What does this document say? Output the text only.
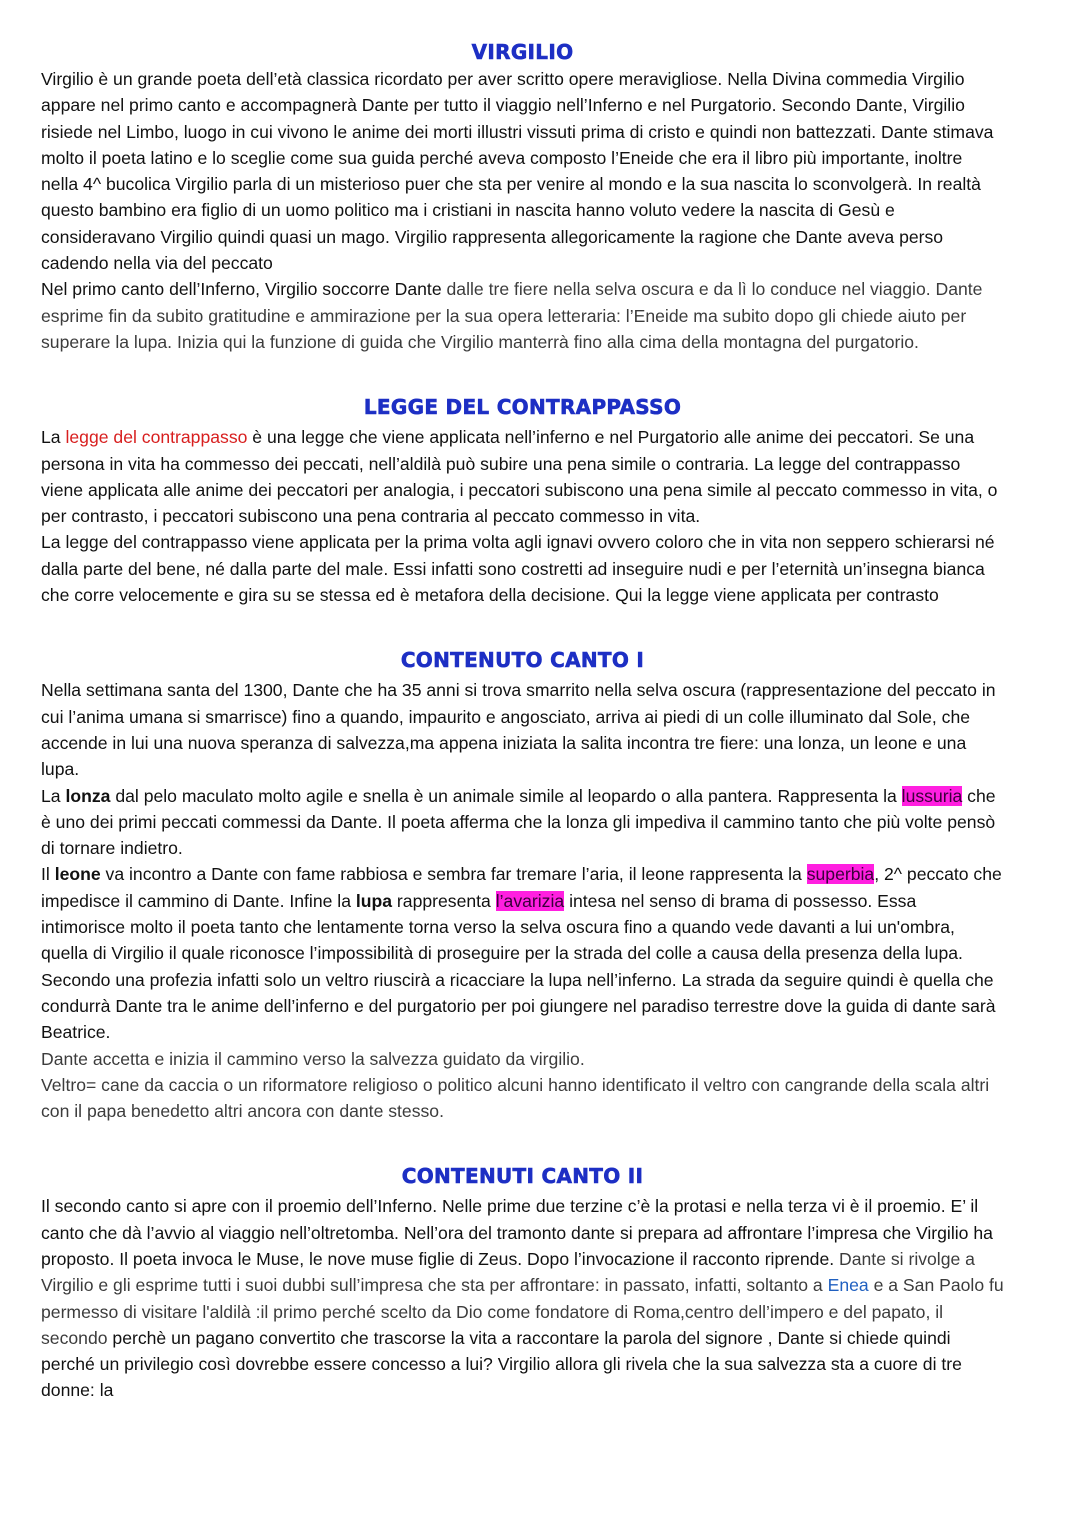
VIRGILIO

Virgilio è un grande poeta dell’età classica ricordato per aver scritto opere meravigliose. Nella Divina commedia Virgilio appare nel primo canto e accompagnerà Dante per tutto il viaggio nell’Inferno e nel Purgatorio. Secondo Dante, Virgilio risiede nel Limbo, luogo in cui vivono le anime dei morti illustri vissuti prima di cristo e quindi non battezzati. Dante stimava molto il poeta latino e lo sceglie come sua guida perché aveva composto l’Eneide che era il libro più importante, inoltre nella 4^ bucolica Virgilio parla di un misterioso puer che sta per venire al mondo e la sua nascita lo sconvolgerà. In realtà questo bambino era figlio di un uomo politico ma i cristiani in nascita hanno voluto vedere la nascita di Gesù e consideravano Virgilio quindi quasi un mago. Virgilio rappresenta allegoricamente la ragione che Dante aveva perso cadendo nella via del peccato

Nel primo canto dell’Inferno, Virgilio soccorre Dante dalle tre fiere nella selva oscura e da lì lo conduce nel viaggio. Dante esprime fin da subito gratitudine e ammirazione per la sua opera letteraria: l’Eneide ma subito dopo gli chiede aiuto per superare la lupa. Inizia qui la funzione di guida che Virgilio manterrà fino alla cima della montagna del purgatorio.

LEGGE DEL CONTRAPPASSO

La legge del contrappasso è una legge che viene applicata nell’inferno e nel Purgatorio alle anime dei peccatori. Se una persona in vita ha commesso dei peccati, nell’aldilà può subire una pena simile o contraria. La legge del contrappasso viene applicata alle anime dei peccatori per analogia, i peccatori subiscono una pena simile al peccato commesso in vita, o per contrasto, i peccatori subiscono una pena contraria al peccato commesso in vita.

La legge del contrappasso viene applicata per la prima volta agli ignavi ovvero coloro che in vita non seppero schierarsi né dalla parte del bene, né dalla parte del male. Essi infatti sono costretti ad inseguire nudi e per l’eternità un’insegna bianca che corre velocemente e gira su se stessa ed è metafora della decisione. Qui la legge viene applicata per contrasto

CONTENUTO CANTO I

Nella settimana santa del 1300, Dante che ha 35 anni si trova smarrito nella selva oscura (rappresentazione del peccato in cui l’anima umana si smarrisce) fino a quando, impaurito e angosciato, arriva ai piedi di un colle illuminato dal Sole, che accende in lui una nuova speranza di salvezza,ma appena iniziata la salita incontra tre fiere: una lonza, un leone e una lupa.

La lonza dal pelo maculato molto agile e snella è un animale simile al leopardo o alla pantera. Rappresenta la lussuria che è uno dei primi peccati commessi da Dante. Il poeta afferma che la lonza gli impediva il cammino tanto che più volte pensò di tornare indietro.

Il leone va incontro a Dante con fame rabbiosa e sembra far tremare l’aria, il leone rappresenta la superbia, 2^ peccato che impedisce il cammino di Dante. Infine la lupa rappresenta l’avarizia intesa nel senso di brama di possesso. Essa intimorisce molto il poeta tanto che lentamente torna verso la selva oscura fino a quando vede davanti a lui un'ombra, quella di Virgilio il quale riconosce l’impossibilità di proseguire per la strada del colle a causa della presenza della lupa. Secondo una profezia infatti solo un veltro riuscirà a ricacciare la lupa nell’inferno. La strada da seguire quindi è quella che condurrà Dante tra le anime dell’inferno e del purgatorio per poi giungere nel paradiso terrestre dove la guida di dante sarà Beatrice.

Dante accetta e inizia il cammino verso la salvezza guidato da virgilio.

Veltro= cane da caccia o un riformatore religioso o politico alcuni hanno identificato il veltro con cangrande della scala altri con il papa benedetto altri ancora con dante stesso.

CONTENUTI CANTO II

Il secondo canto si apre con il proemio dell’Inferno. Nelle prime due terzine c’è la protasi e nella terza vi è il proemio. E’ il canto che dà l’avvio al viaggio nell’oltretomba. Nell’ora del tramonto dante si prepara ad affrontare l’impresa che Virgilio ha proposto. Il poeta invoca le Muse, le nove muse figlie di Zeus. Dopo l’invocazione il racconto riprende. Dante si rivolge a Virgilio e gli esprime tutti i suoi dubbi sull’impresa che sta per affrontare: in passato, infatti, soltanto a Enea e a San Paolo fu permesso di visitare l'aldilà :il primo perché scelto da Dio come fondatore di Roma,centro dell’impero e del papato, il secondo perchè un pagano convertito che trascorse la vita a raccontare la parola del signore , Dante si chiede quindi perché un privilegio così dovrebbe essere concesso a lui? Virgilio allora gli rivela che la sua salvezza sta a cuore di tre donne: la
